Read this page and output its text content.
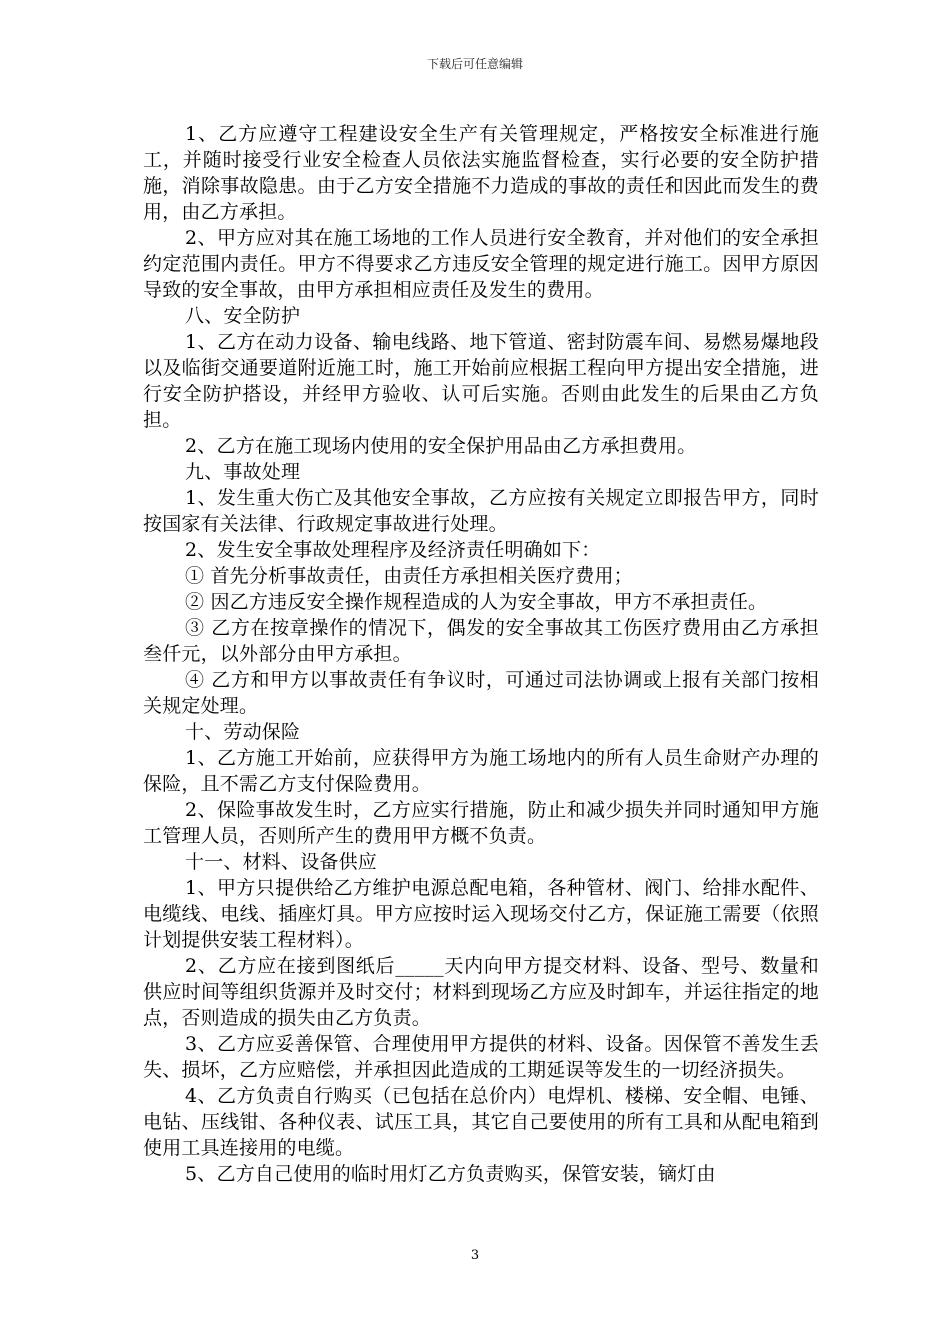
下载后可任意编辑

1、乙方应遵守工程建设安全生产有关管理规定，严格按安全标准进行施工，并随时接受行业安全检查人员依法实施监督检查，实行必要的安全防护措施，消除事故隐患。由于乙方安全措施不力造成的事故的责任和因此而发生的费用，由乙方承担。

2、甲方应对其在施工场地的工作人员进行安全教育，并对他们的安全承担约定范围内责任。甲方不得要求乙方违反安全管理的规定进行施工。因甲方原因导致的安全事故，由甲方承担相应责任及发生的费用。

八、安全防护

1、乙方在动力设备、输电线路、地下管道、密封防震车间、易燃易爆地段以及临街交通要道附近施工时，施工开始前应根据工程向甲方提出安全措施，进行安全防护搭设，并经甲方验收、认可后实施。否则由此发生的后果由乙方负担。

2、乙方在施工现场内使用的安全保护用品由乙方承担费用。

九、事故处理

1、发生重大伤亡及其他安全事故，乙方应按有关规定立即报告甲方，同时按国家有关法律、行政规定事故进行处理。

2、发生安全事故处理程序及经济责任明确如下：

① 首先分析事故责任，由责任方承担相关医疗费用；

② 因乙方违反安全操作规程造成的人为安全事故，甲方不承担责任。

③ 乙方在按章操作的情况下，偶发的安全事故其工伤医疗费用由乙方承担叁仟元，以外部分由甲方承担。

④ 乙方和甲方以事故责任有争议时，可通过司法协调或上报有关部门按相关规定处理。

十、劳动保险

1、乙方施工开始前，应获得甲方为施工场地内的所有人员生命财产办理的保险，且不需乙方支付保险费用。

2、保险事故发生时，乙方应实行措施，防止和减少损失并同时通知甲方施工管理人员，否则所产生的费用甲方概不负责。

十一、材料、设备供应

1、甲方只提供给乙方维护电源总配电箱，各种管材、阀门、给排水配件、电缆线、电线、插座灯具。甲方应按时运入现场交付乙方，保证施工需要（依照计划提供安装工程材料）。

2、乙方应在接到图纸后_____天内向甲方提交材料、设备、型号、数量和供应时间等组织货源并及时交付；材料到现场乙方应及时卸车，并运往指定的地点，否则造成的损失由乙方负责。

3、乙方应妥善保管、合理使用甲方提供的材料、设备。因保管不善发生丢失、损坏，乙方应赔偿，并承担因此造成的工期延误等发生的一切经济损失。

4、乙方负责自行购买（已包括在总价内）电焊机、楼梯、安全帽、电锤、电钻、压线钳、各种仪表、试压工具，其它自己要使用的所有工具和从配电箱到使用工具连接用的电缆。

5、乙方自己使用的临时用灯乙方负责购买，保管安装，镝灯由

3
